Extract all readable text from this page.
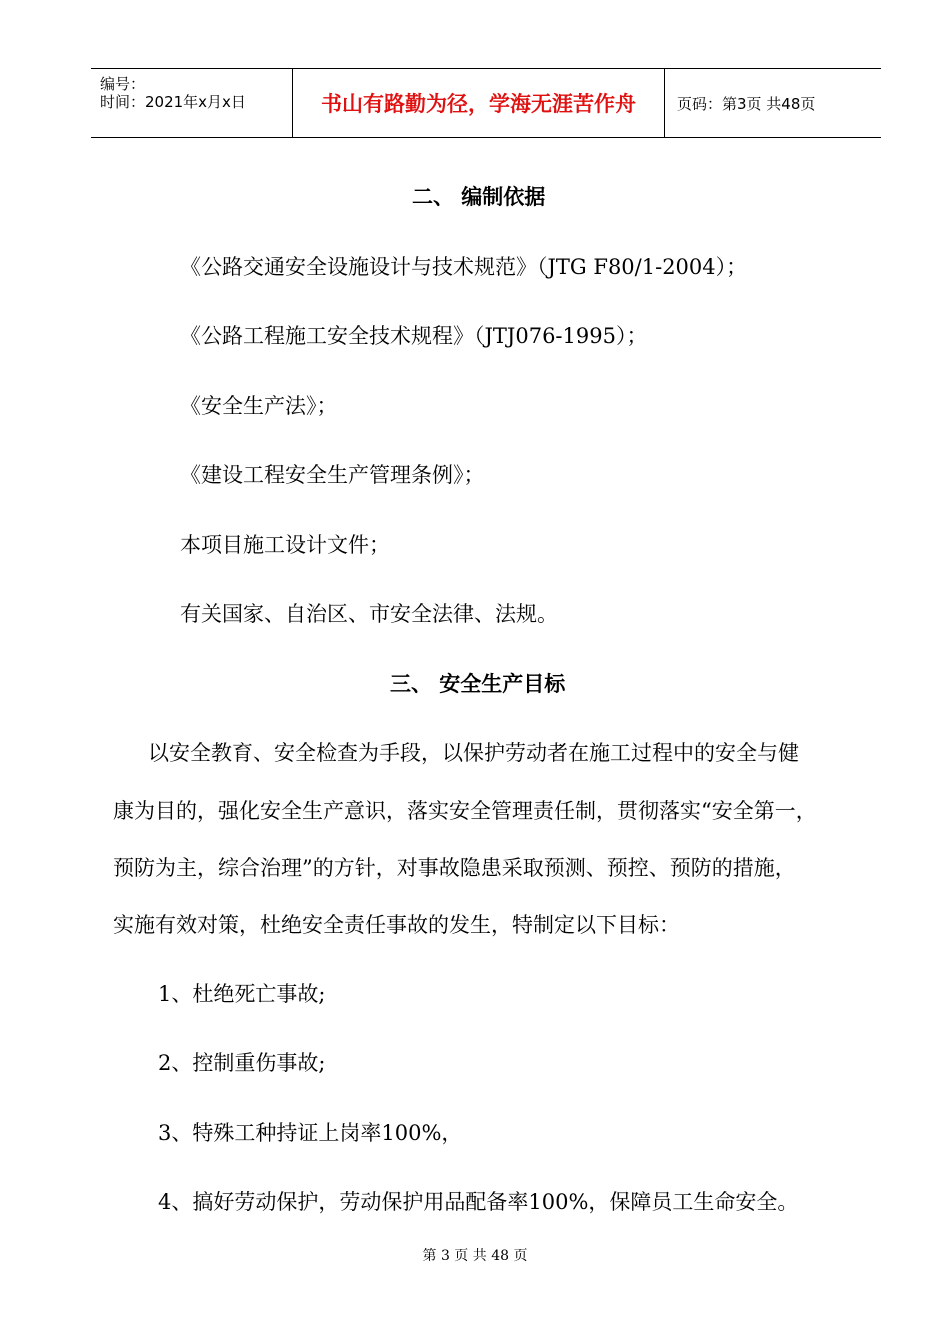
编号：
时间：2021年x月x日	书山有路勤为径，学海无涯苦作舟	页码：第3页 共48页
二、 编制依据
《公路交通安全设施设计与技术规范》（JTG F80/1-2004）；
《公路工程施工安全技术规程》（JTJ076-1995）；
《安全生产法》；
《建设工程安全生产管理条例》；
本项目施工设计文件；
有关国家、自治区、市安全法律、法规。
三、 安全生产目标
以安全教育、安全检查为手段，以保护劳动者在施工过程中的安全与健
康为目的，强化安全生产意识，落实安全管理责任制，贯彻落实“安全第一，
预防为主，综合治理”的方针，对事故隐患采取预测、预控、预防的措施，
实施有效对策，杜绝安全责任事故的发生，特制定以下目标：
1、杜绝死亡事故;
2、控制重伤事故;
3、特殊工种持证上岗率100%，
4、搞好劳动保护，劳动保护用品配备率100%，保障员工生命安全。
第 3 页 共 48 页
